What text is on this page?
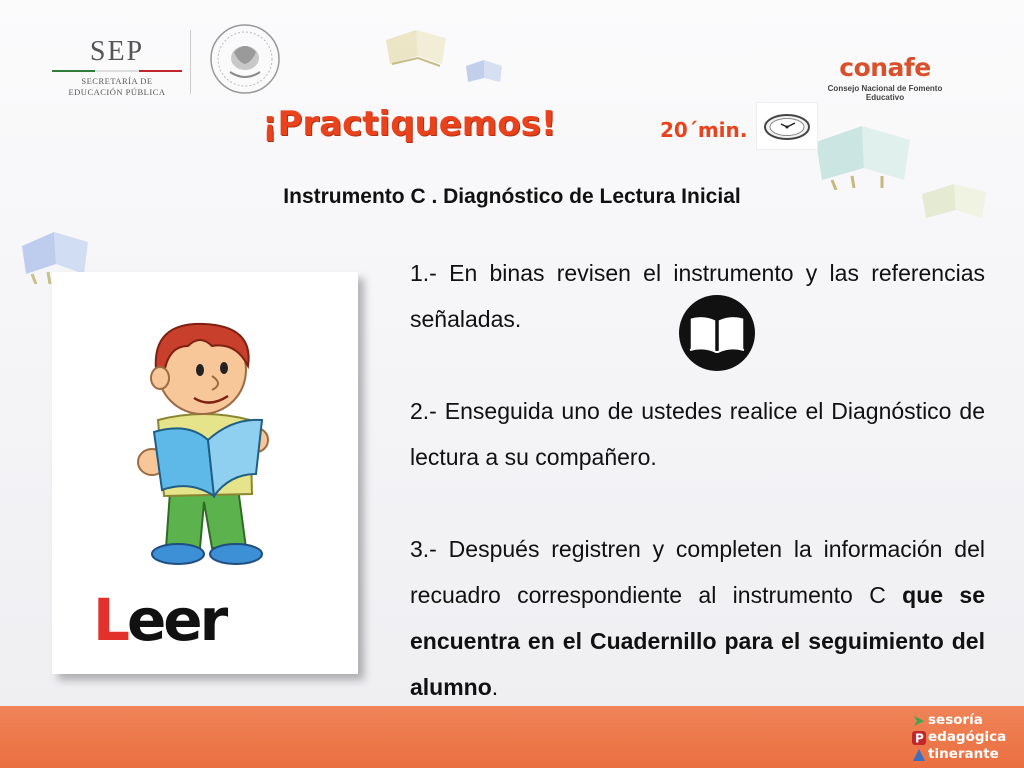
SEP
SECRETARÍA DE
EDUCACIÓN PÚBLICA
conafe
Consejo Nacional de Fomento Educativo
¡Practiquemos!	20´min.
Instrumento C . Diagnóstico de Lectura Inicial
Leer

1.- En binas revisen el instrumento y las referencias señaladas.

2.- Enseguida uno de ustedes realice el Diagnóstico de lectura a su compañero.

3.- Después registren y completen la información del recuadro correspondiente al instrumento C que se encuentra en el Cuadernillo para el seguimiento del alumno.

sesoría
P edagógica
tinerante
